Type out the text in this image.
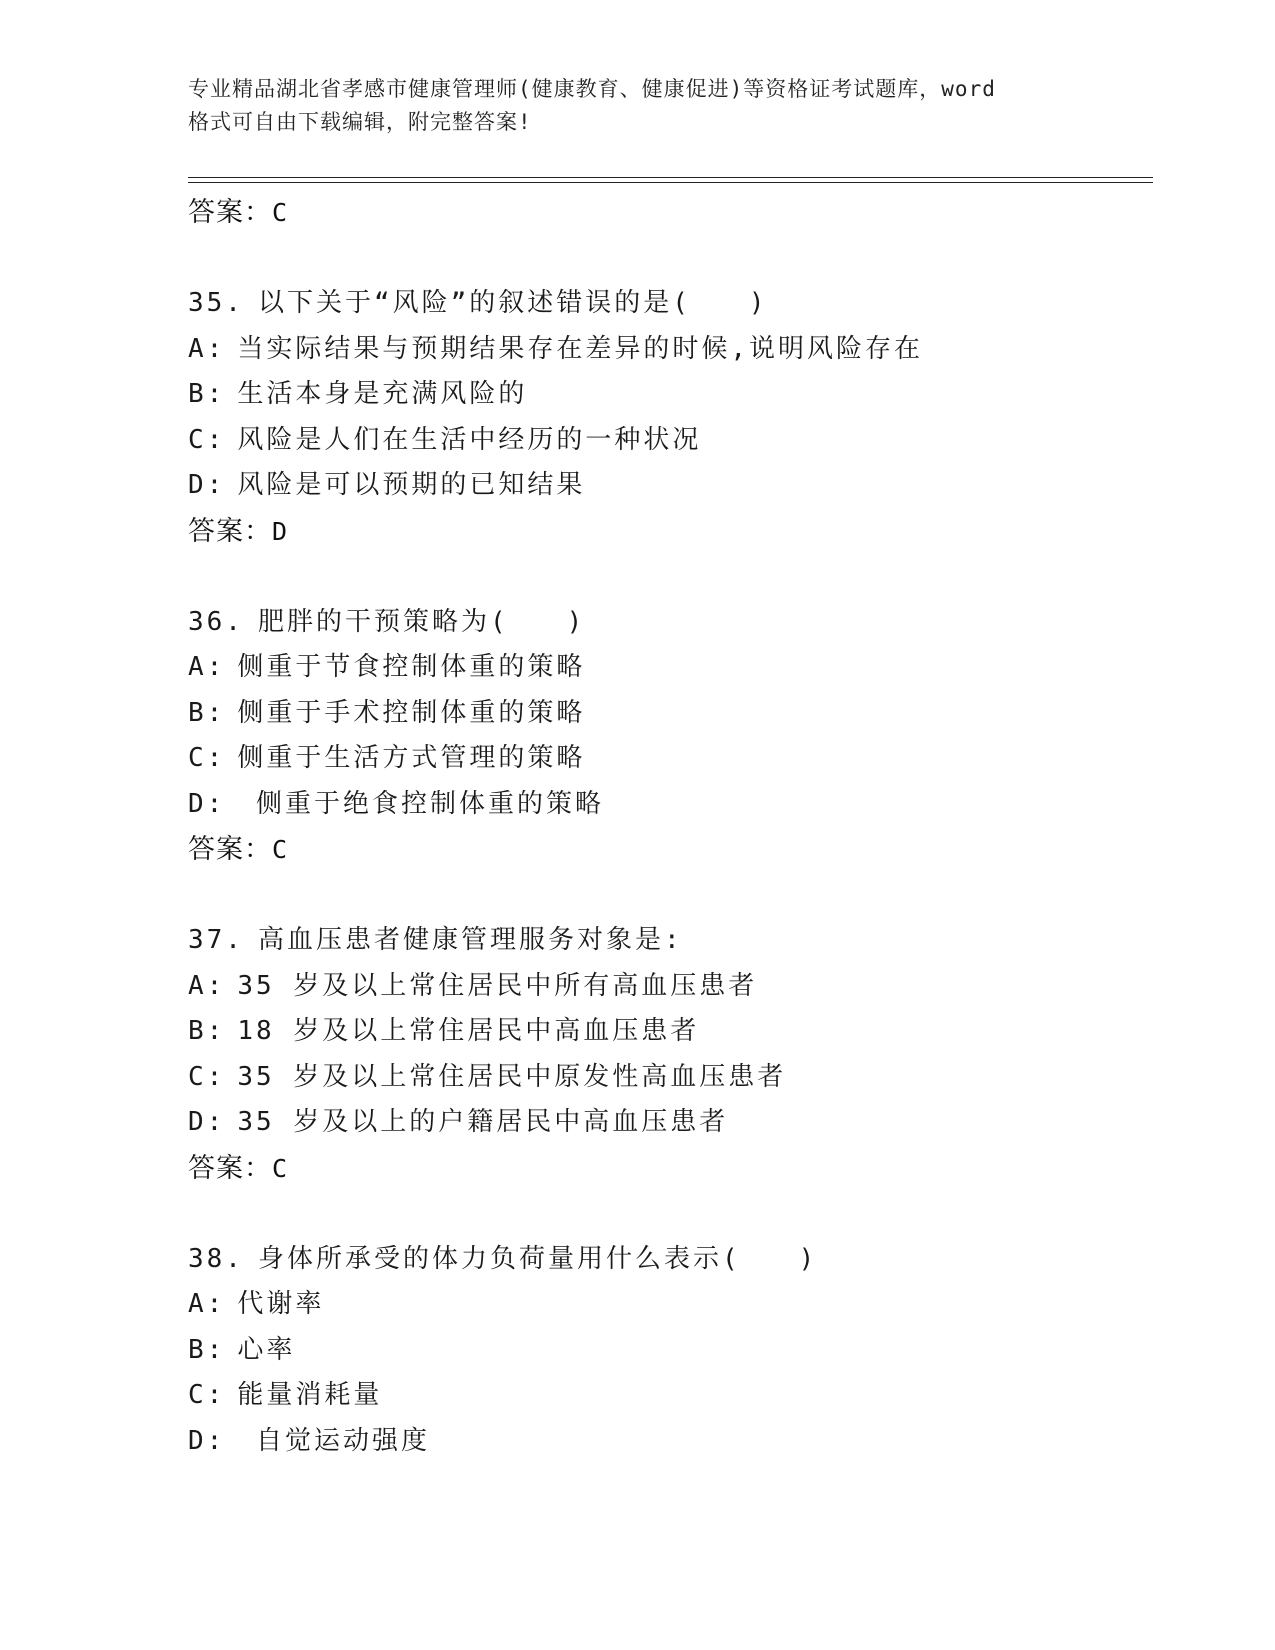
专业精品湖北省孝感市健康管理师(健康教育、健康促进)等资格证考试题库，word
格式可自由下载编辑，附完整答案!
答案：C
35. 以下关于“风险”的叙述错误的是(　　)
A: 当实际结果与预期结果存在差异的时候,说明风险存在
B: 生活本身是充满风险的
C: 风险是人们在生活中经历的一种状况
D: 风险是可以预期的已知结果
答案：D
36. 肥胖的干预策略为(　　)
A: 侧重于节食控制体重的策略
B: 侧重于手术控制体重的策略
C: 侧重于生活方式管理的策略
D: 侧重于绝食控制体重的策略
答案：C
37. 高血压患者健康管理服务对象是:
A: 35 岁及以上常住居民中所有高血压患者
B: 18 岁及以上常住居民中高血压患者
C: 35 岁及以上常住居民中原发性高血压患者
D: 35 岁及以上的户籍居民中高血压患者
答案：C
38. 身体所承受的体力负荷量用什么表示(　　)
A: 代谢率
B: 心率
C: 能量消耗量
D: 自觉运动强度
